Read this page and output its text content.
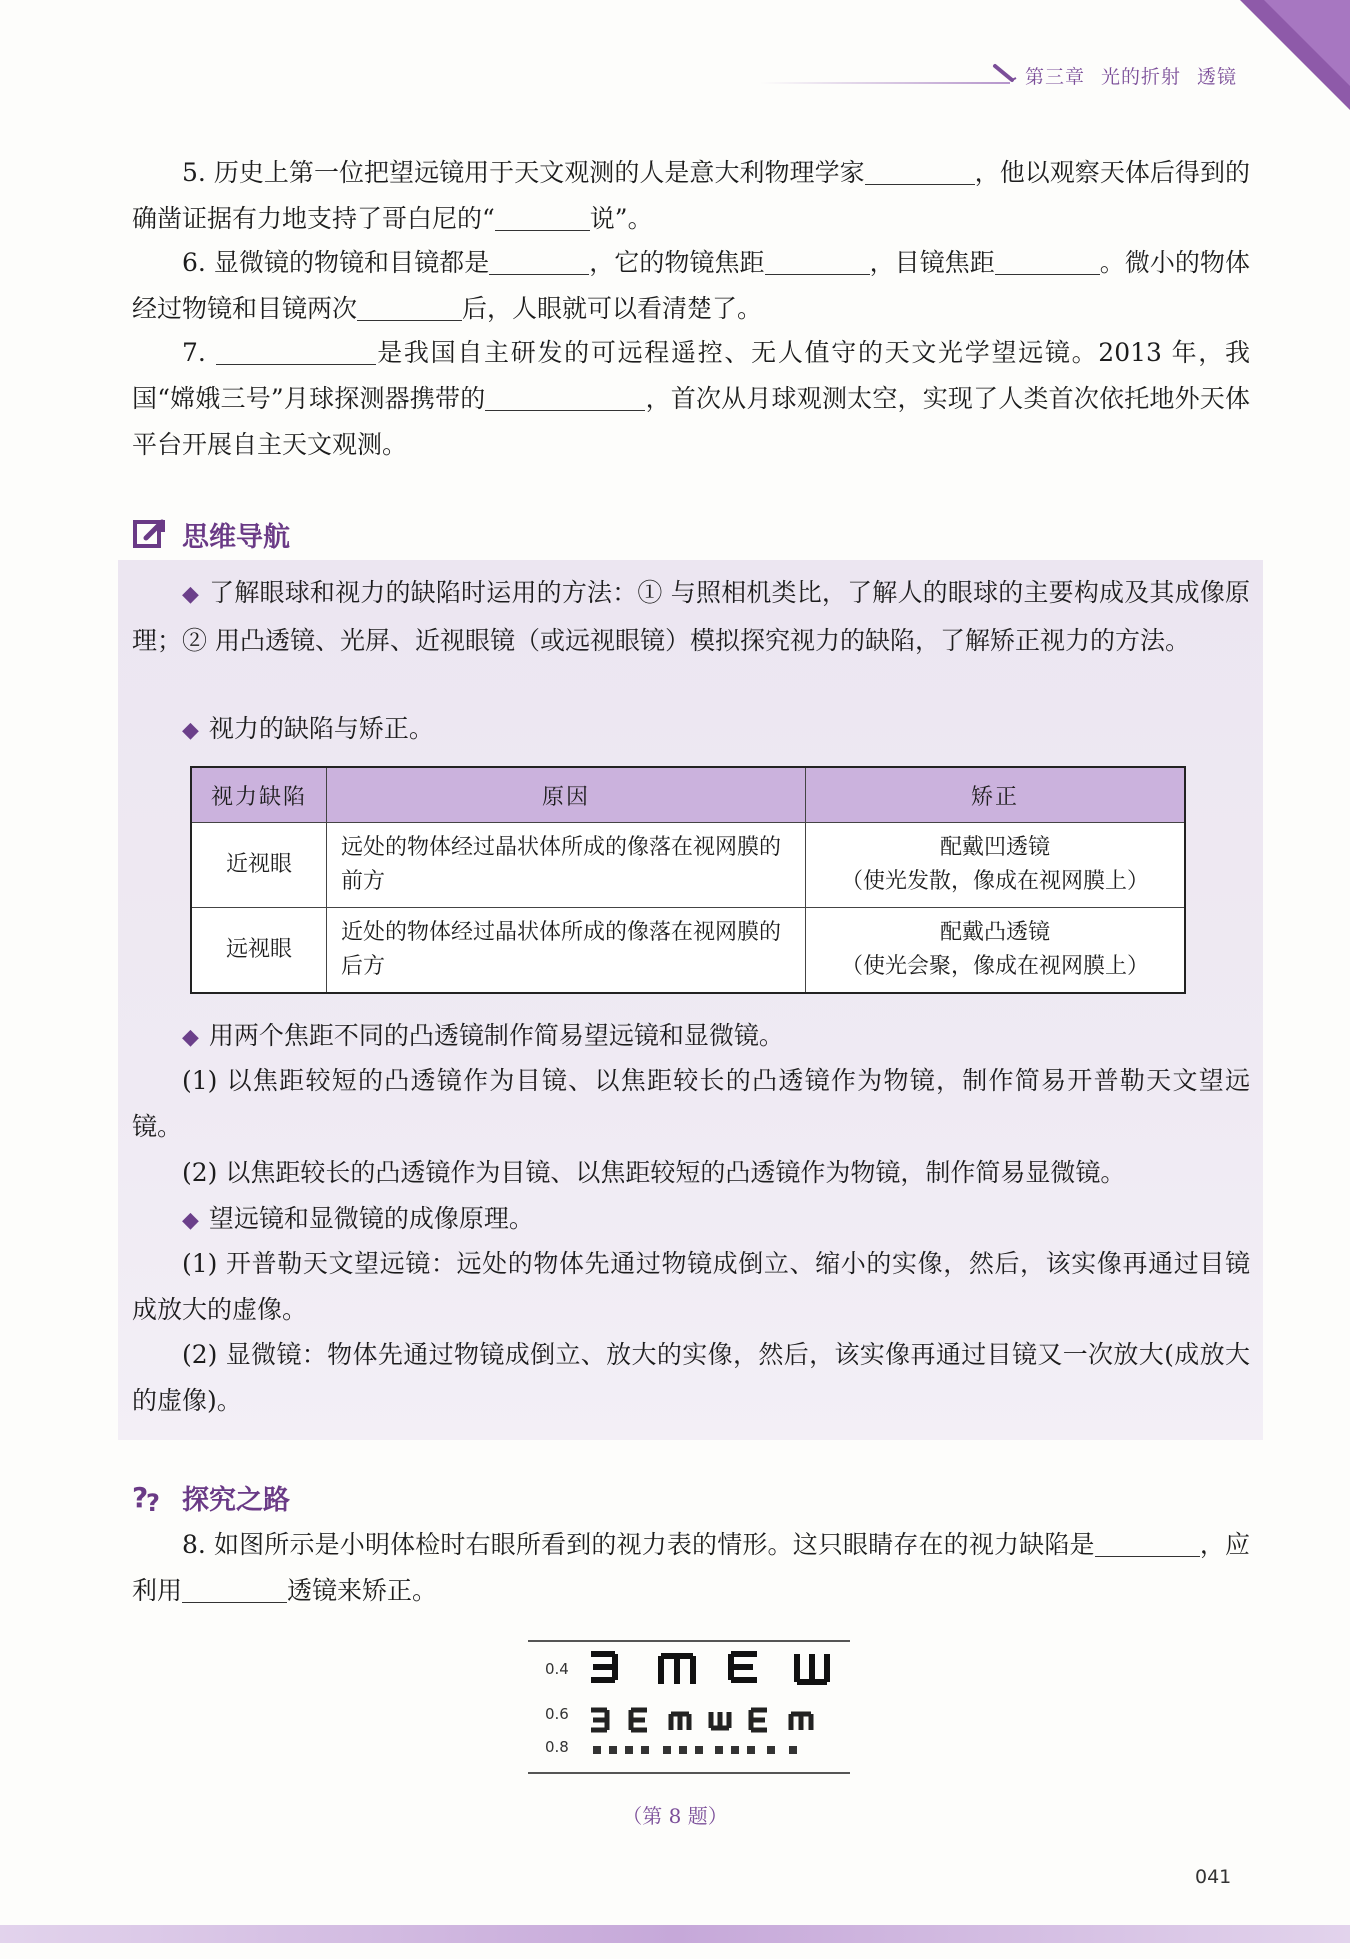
第三章 光的折射 透镜
5. 历史上第一位把望远镜用于天文观测的人是意大利物理学家	，他以观察天体后得到的确凿证据有力地支持了哥白尼的“	说”。
6. 显微镜的物镜和目镜都是	，它的物镜焦距	，目镜焦距	。微小的物体经过物镜和目镜两次	后，人眼就可以看清楚了。
7.	是我国自主研发的可远程遥控、无人值守的天文光学望远镜。2013 年，我国“嫦娥三号”月球探测器携带的	，首次从月球观测太空，实现了人类首次依托地外天体平台开展自主天文观测。
思维导航
◆ 了解眼球和视力的缺陷时运用的方法：① 与照相机类比，了解人的眼球的主要构成及其成像原理；② 用凸透镜、光屏、近视眼镜（或远视眼镜）模拟探究视力的缺陷，了解矫正视力的方法。
◆ 视力的缺陷与矫正。
视力缺陷	原因	矫正
近视眼	远处的物体经过晶状体所成的像落在视网膜的前方	配戴凹透镜
（使光发散，像成在视网膜上）

远视眼	近处的物体经过晶状体所成的像落在视网膜的后方	配戴凸透镜
（使光会聚，像成在视网膜上）
◆ 用两个焦距不同的凸透镜制作简易望远镜和显微镜。
(1) 以焦距较短的凸透镜作为目镜、以焦距较长的凸透镜作为物镜，制作简易开普勒天文望远镜。
(2) 以焦距较长的凸透镜作为目镜、以焦距较短的凸透镜作为物镜，制作简易显微镜。
◆ 望远镜和显微镜的成像原理。
(1) 开普勒天文望远镜：远处的物体先通过物镜成倒立、缩小的实像，然后，该实像再通过目镜成放大的虚像。
(2) 显微镜：物体先通过物镜成倒立、放大的实像，然后，该实像再通过目镜又一次放大(成放大的虚像)。
?
? 探究之路
8. 如图所示是小明体检时右眼所看到的视力表的情形。这只眼睛存在的视力缺陷是	，应利用	透镜来矫正。
0.4
0.6
0.8
（第 8 题）
041
